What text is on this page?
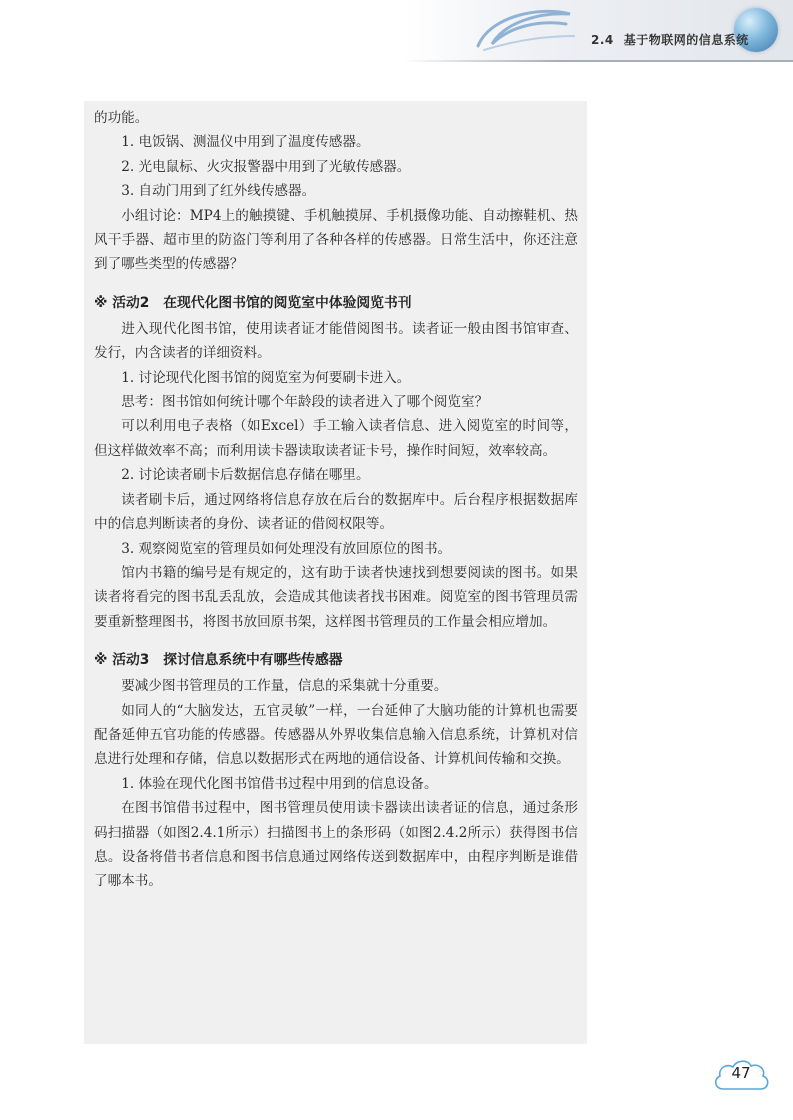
2.4 基于物联网的信息系统

的功能。

1. 电饭锅、测温仪中用到了温度传感器。

2. 光电鼠标、火灾报警器中用到了光敏传感器。

3. 自动门用到了红外线传感器。

小组讨论：MP4上的触摸键、手机触摸屏、手机摄像功能、自动擦鞋机、热风干手器、超市里的防盗门等利用了各种各样的传感器。日常生活中，你还注意到了哪些类型的传感器？

※ 活动2　在现代化图书馆的阅览室中体验阅览书刊

进入现代化图书馆，使用读者证才能借阅图书。读者证一般由图书馆审查、发行，内含读者的详细资料。

1. 讨论现代化图书馆的阅览室为何要刷卡进入。

思考：图书馆如何统计哪个年龄段的读者进入了哪个阅览室？

可以利用电子表格（如Excel）手工输入读者信息、进入阅览室的时间等，但这样做效率不高；而利用读卡器读取读者证卡号，操作时间短，效率较高。

2. 讨论读者刷卡后数据信息存储在哪里。

读者刷卡后，通过网络将信息存放在后台的数据库中。后台程序根据数据库中的信息判断读者的身份、读者证的借阅权限等。

3. 观察阅览室的管理员如何处理没有放回原位的图书。

馆内书籍的编号是有规定的，这有助于读者快速找到想要阅读的图书。如果读者将看完的图书乱丢乱放，会造成其他读者找书困难。阅览室的图书管理员需要重新整理图书，将图书放回原书架，这样图书管理员的工作量会相应增加。

※ 活动3　探讨信息系统中有哪些传感器

要减少图书管理员的工作量，信息的采集就十分重要。

如同人的“大脑发达，五官灵敏”一样，一台延伸了大脑功能的计算机也需要配备延伸五官功能的传感器。传感器从外界收集信息输入信息系统，计算机对信息进行处理和存储，信息以数据形式在两地的通信设备、计算机间传输和交换。

1. 体验在现代化图书馆借书过程中用到的信息设备。

在图书馆借书过程中，图书管理员使用读卡器读出读者证的信息，通过条形码扫描器（如图2.4.1所示）扫描图书上的条形码（如图2.4.2所示）获得图书信息。设备将借书者信息和图书信息通过网络传送到数据库中，由程序判断是谁借了哪本书。

47
